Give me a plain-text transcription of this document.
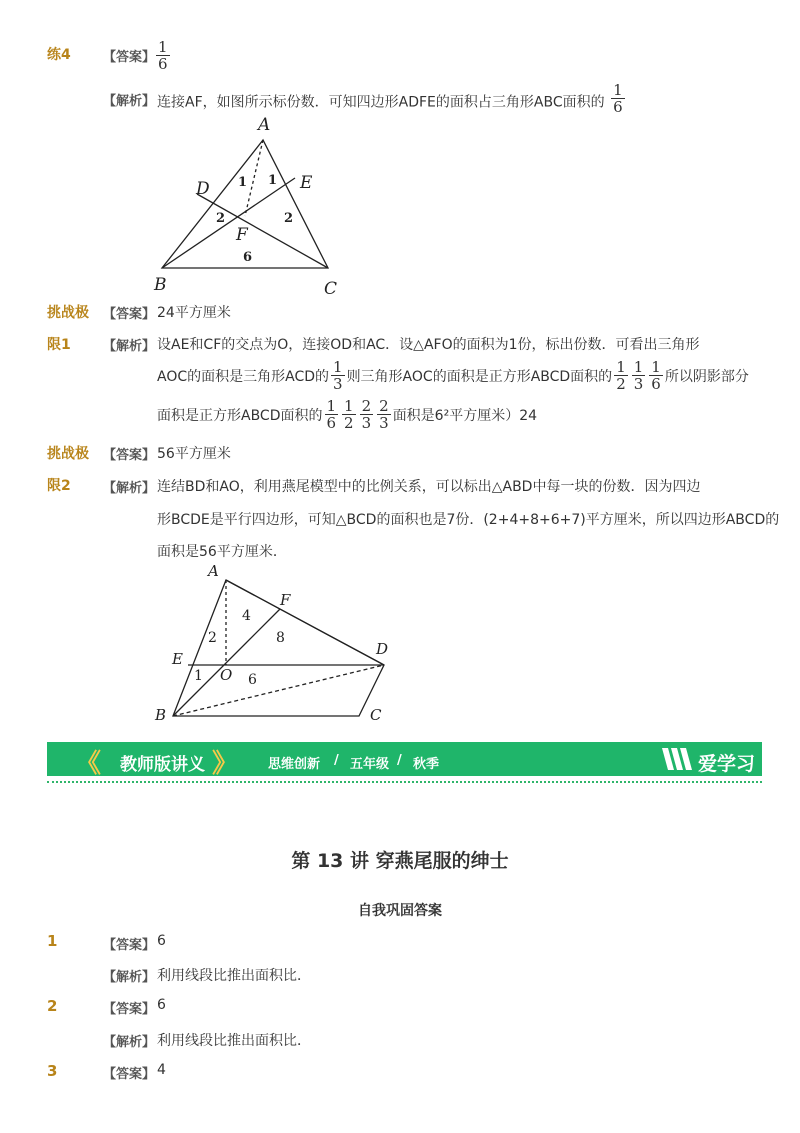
练4 【答案】 $\frac{1}{6}$
【解析】 连接AF，如图所示标份数．可知四边形ADFE的面积占三角形ABC面积的 $\frac{1}{6}$
A
B	C
D	E
F
1 1
2	2
6
挑战极 【答案】 24平方厘米
限1 【解析】 设AE和CF的交点为O，连接OD和AC．设△AFO的面积为1份，标出份数．可看出三角形
AOC的面积是三角形ACD的 $\frac{1}{3}$ 则三角形AOC的面积是正方形ABCD面积的 $\frac{1}{2} \frac{1}{3} \frac{1}{6}$ 所以阴影部分
面积是正方形ABCD面积的 $\frac{1}{6} \frac{1}{2} \frac{2}{3} \frac{2}{3}$ 面积是6²平方厘米）24
挑战极 【答案】 56平方厘米
限2 【解析】 连结BD和AO，利用燕尾模型中的比例关系，可以标出△ABD中每一块的份数．因为四边
形BCDE是平行四边形，可知△BCD的面积也是7份．(2+4+8+6+7)平方厘米，所以四边形ABCD的
面积是56平方厘米．
A
B	C
D
E
F
O
4
2	8
1	6
《 教师版讲义 》 思维创新 / 五年级 / 秋季	爱学习
第 13 讲 穿燕尾服的绅士
自我巩固答案
1	【答案】 6
【解析】 利用线段比推出面积比．
2	【答案】 6
【解析】 利用线段比推出面积比．
3	【答案】 4
